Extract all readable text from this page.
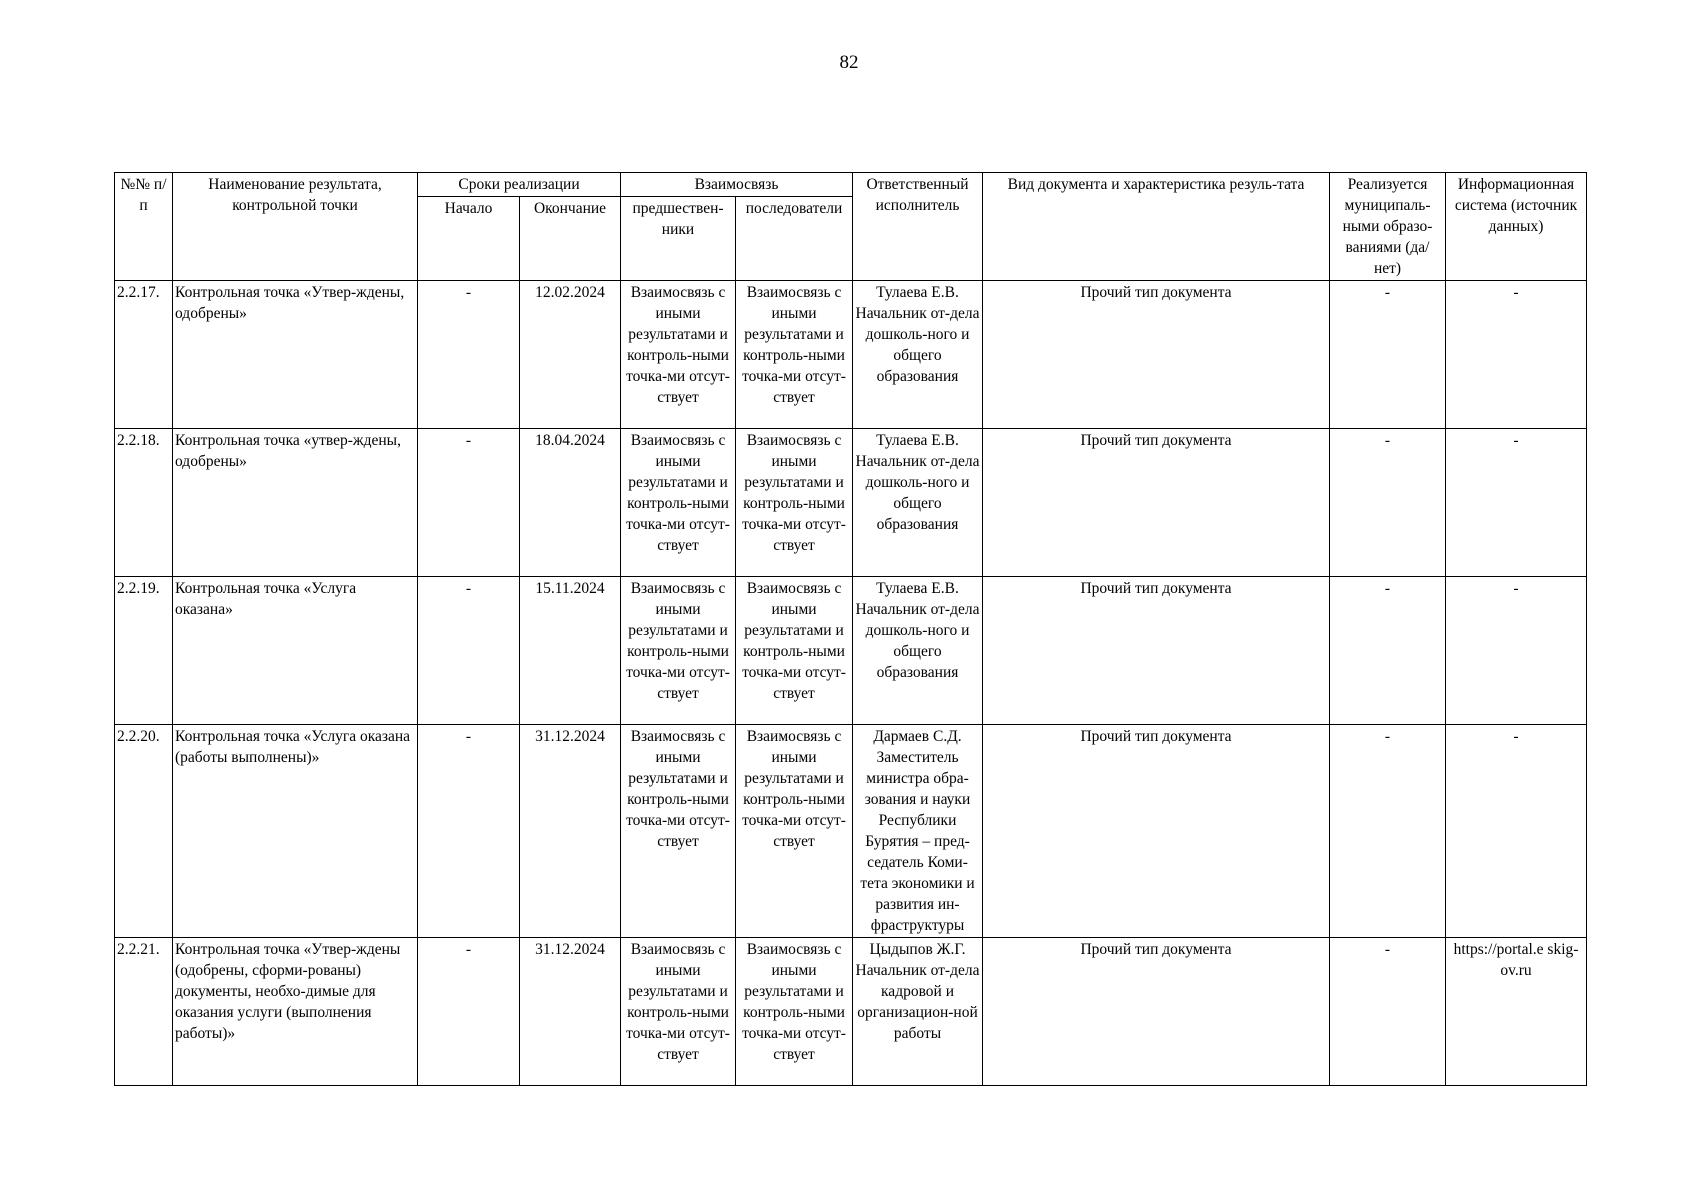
82
№№ п/п	Наименование результата, контрольной точки	Сроки реализации		Взаимосвязь		Ответственный исполнитель	Вид документа и характеристика резуль-тата	Реализуется муниципаль-ными образо-ваниями (да/нет)	Информационная система (источник данных)
		Начало	Окончание	предшествен-ники	последователи				
2.2.17.	Контрольная точка «Утвер-ждены, одобрены»	-	12.02.2024	Взаимосвязь с иными результатами и контроль-ными точка-ми отсут-ствует	Взаимосвязь с иными результатами и контроль-ными точка-ми отсут-ствует	Тулаева Е.В. Начальник от-дела дошколь-ного и общего образования	Прочий тип документа	-	-
2.2.18.	Контрольная точка «утвер-ждены, одобрены»	-	18.04.2024	Взаимосвязь с иными результатами и контроль-ными точка-ми отсут-ствует	Взаимосвязь с иными результатами и контроль-ными точка-ми отсут-ствует	Тулаева Е.В. Начальник от-дела дошколь-ного и общего образования	Прочий тип документа	-	-
2.2.19.	Контрольная точка «Услуга оказана»	-	15.11.2024	Взаимосвязь с иными результатами и контроль-ными точка-ми отсут-ствует	Взаимосвязь с иными результатами и контроль-ными точка-ми отсут-ствует	Тулаева Е.В. Начальник от-дела дошколь-ного и общего образования	Прочий тип документа	-	-
2.2.20.	Контрольная точка «Услуга оказана (работы выполнены)»	-	31.12.2024	Взаимосвязь с иными результатами и контроль-ными точка-ми отсут-ствует	Взаимосвязь с иными результатами и контроль-ными точка-ми отсут-ствует	Дармаев С.Д. Заместитель министра обра-зования и науки Республики Бурятия – пред-седатель Коми-тета экономики и развития ин-фраструктуры	Прочий тип документа	-	-
2.2.21.	Контрольная точка «Утвер-ждены (одобрены, сформи-рованы) документы, необхо-димые для оказания услуги (выполнения работы)»	-	31.12.2024	Взаимосвязь с иными результатами и контроль-ными точка-ми отсут-ствует	Взаимосвязь с иными результатами и контроль-ными точка-ми отсут-ствует	Цыдыпов Ж.Г. Начальник от-дела кадровой и организацион-ной работы	Прочий тип документа	-	https://portal.e skig-ov.ru
